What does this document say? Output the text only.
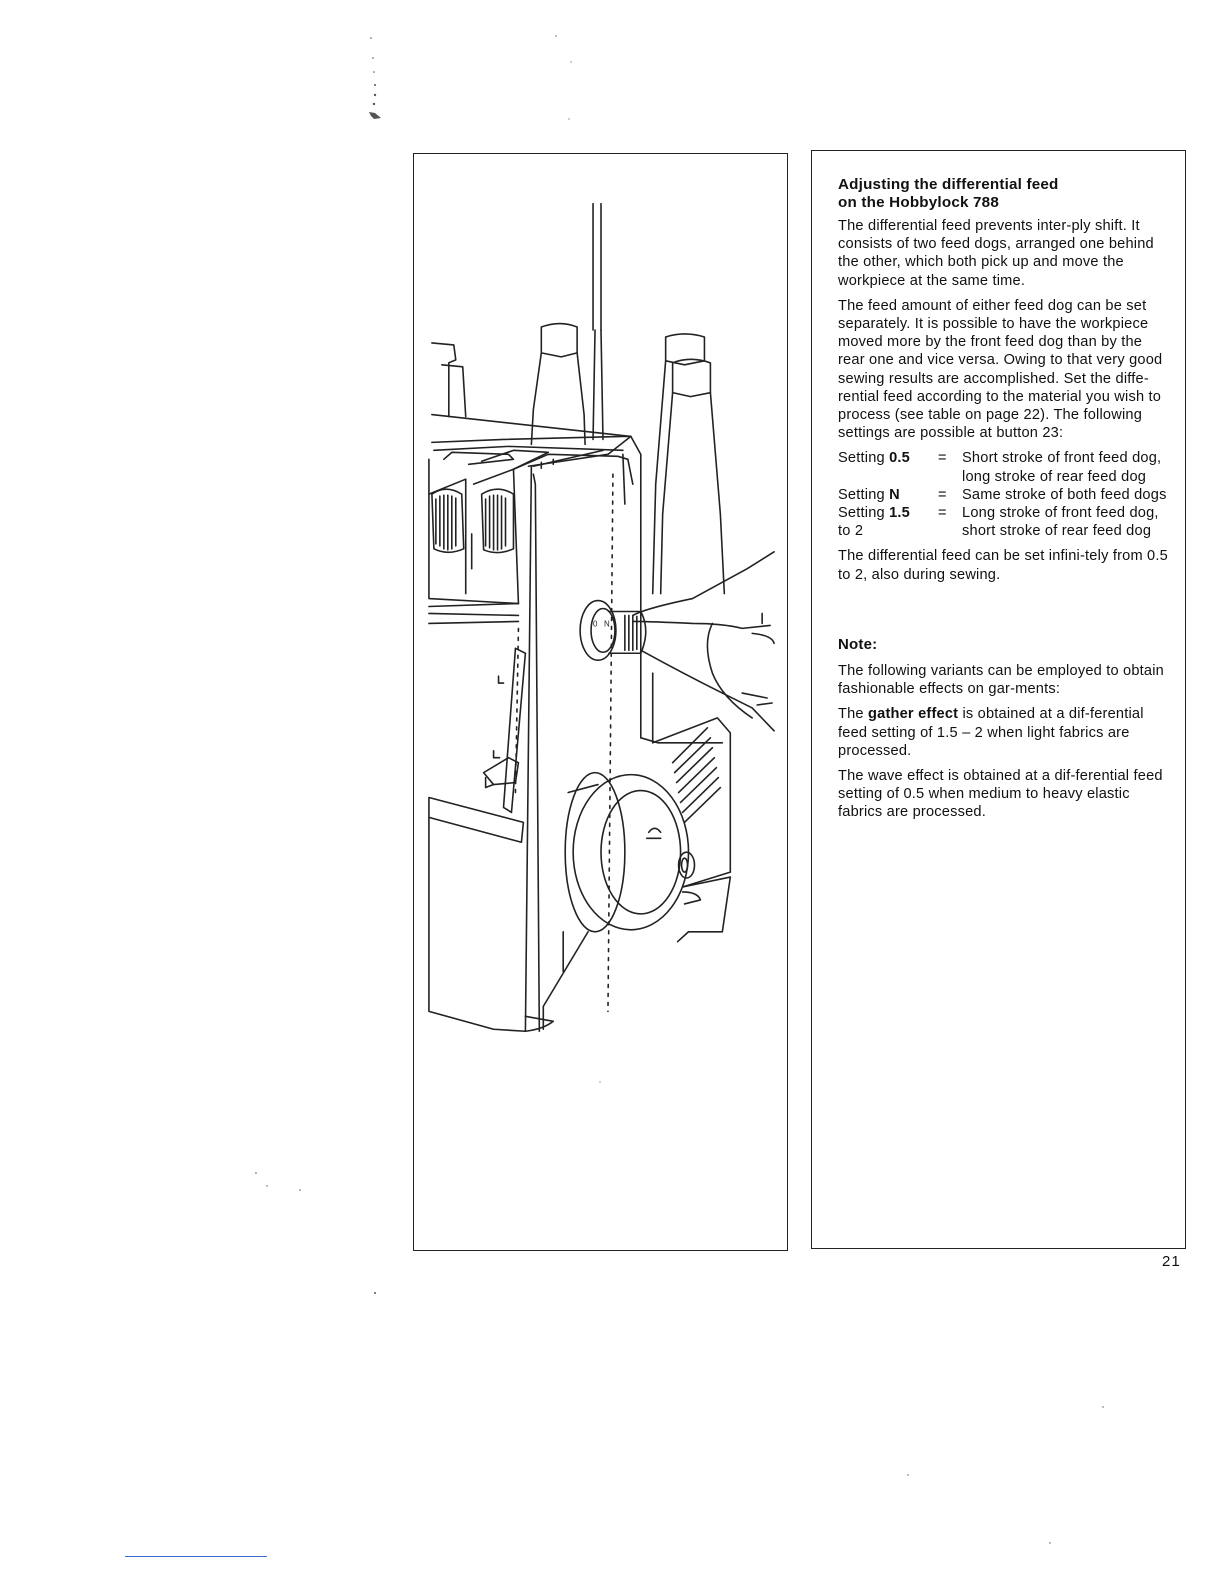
0 N
Adjusting the differential feed
on the Hobbylock 788

The differential feed prevents inter-ply shift. It consists of two feed dogs, arranged one behind the other, which both pick up and move the workpiece at the same time.

The feed amount of either feed dog can be set separately. It is possible to have the workpiece moved more by the front feed dog than by the rear one and vice versa. Owing to that very good sewing results are accomplished. Set the diffe-rential feed according to the material you wish to process (see table on page 22). The following settings are possible at button 23:

Setting 0.5	=	Short stroke of front feed dog, long stroke of rear feed dog
Setting N	=	Same stroke of both feed dogs
Setting 1.5
to 2	=	Long stroke of front feed dog, short stroke of rear feed dog

The differential feed can be set infini-tely from 0.5 to 2, also during sewing.

Note:

The following variants can be employed to obtain fashionable effects on gar-ments:

The gather effect is obtained at a dif-ferential feed setting of 1.5 – 2 when light fabrics are processed.

The wave effect is obtained at a dif-ferential feed setting of 0.5 when medium to heavy elastic fabrics are processed.

21
